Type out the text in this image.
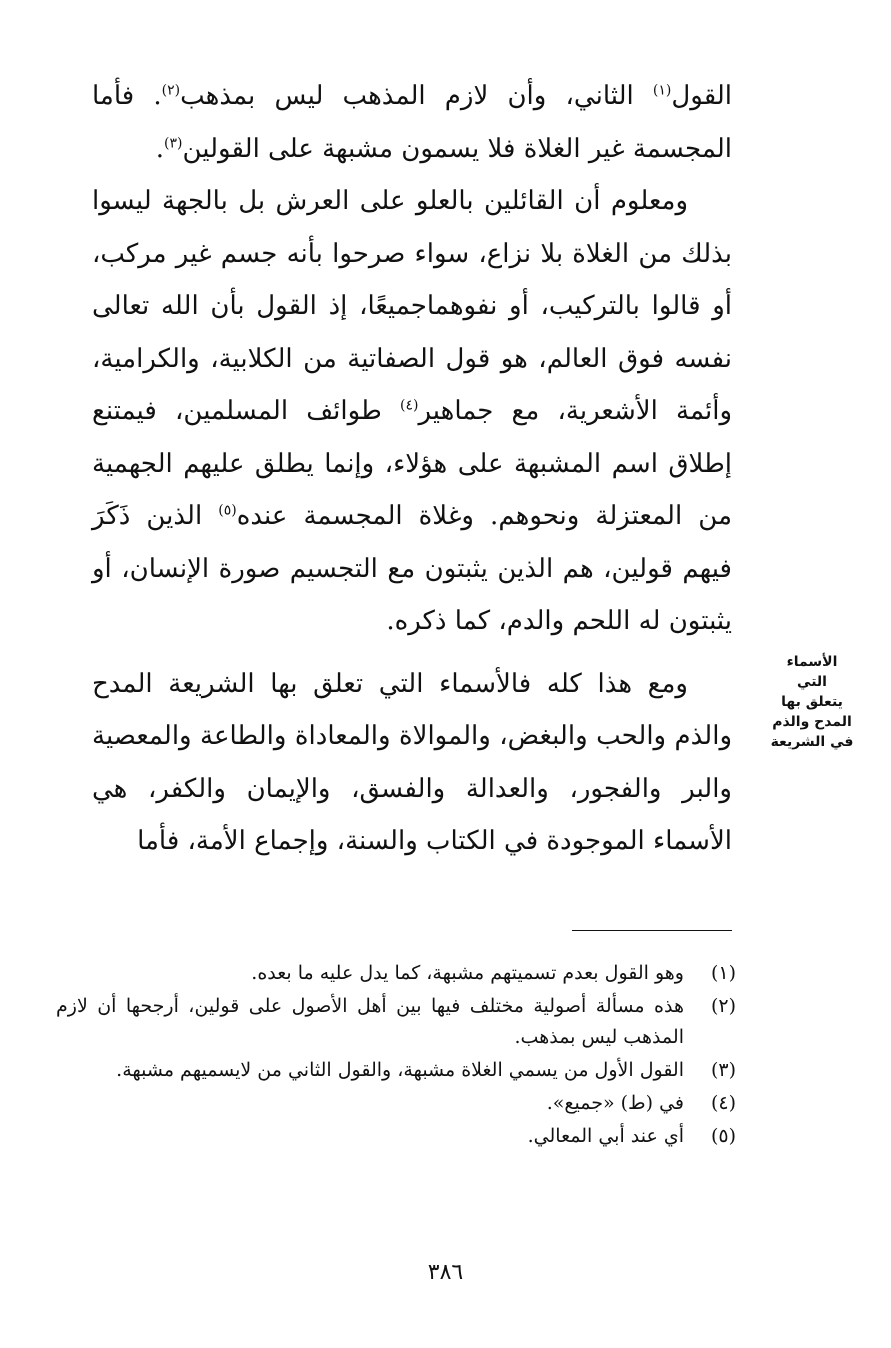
القول$^{(١)}$ الثاني، وأن لازم المذهب ليس بمذهب$^{(٢)}$. فأما المجسمة غير الغلاة فلا يسمون مشبهة على القولين$^{(٣)}$.

ومعلوم أن القائلين بالعلو على العرش بل بالجهة ليسوا بذلك من الغلاة بلا نزاع، سواء صرحوا بأنه جسم غير مركب، أو قالوا بالتركيب، أو نفوهماجميعًا، إذ القول بأن الله تعالى نفسه فوق العالم، هو قول الصفاتية من الكلابية، والكرامية، وأئمة الأشعرية، مع جماهير$^{(٤)}$ طوائف المسلمين، فيمتنع إطلاق اسم المشبهة على هؤلاء، وإنما يطلق عليهم الجهمية من المعتزلة ونحوهم. وغلاة المجسمة عنده$^{(٥)}$ الذين ذَكَرَ فيهم قولين، هم الذين يثبتون مع التجسيم صورة الإنسان، أو يثبتون له اللحم والدم، كما ذكره.

ومع هذا كله فالأسماء التي تعلق بها الشريعة المدح والذم والحب والبغض، والموالاة والمعاداة والطاعة والمعصية والبر والفجور، والعدالة والفسق، والإيمان والكفر، هي الأسماء الموجودة في الكتاب والسنة، وإجماع الأمة، فأما

الأسماء التي
يتعلق بها
المدح والذم
في الشريعة
(١)
وهو القول بعدم تسميتهم مشبهة، كما يدل عليه ما بعده.
(٢)
هذه مسألة أصولية مختلف فيها بين أهل الأصول على قولين، أرجحها أن لازم المذهب ليس بمذهب.
(٣)
القول الأول من يسمي الغلاة مشبهة، والقول الثاني من لايسميهم مشبهة.
(٤)
في (ط) «جميع».
(٥)
أي عند أبي المعالي.
٣٨٦
